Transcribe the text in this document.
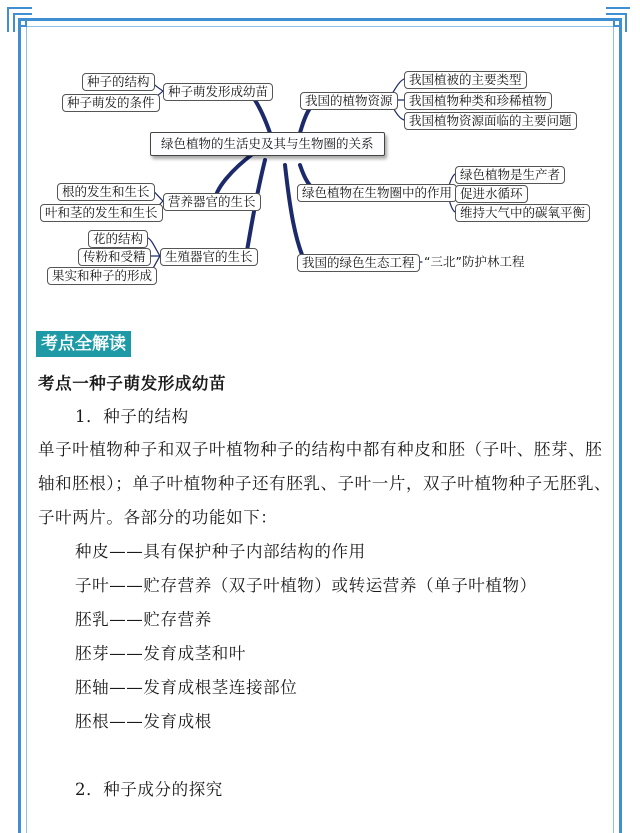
绿色植物的生活史及其与生物圈的关系
种子萌发形成幼苗
种子的结构
种子萌发的条件
营养器官的生长
根的发生和生长
叶和茎的发生和生长
生殖器官的生长
花的结构
传粉和受精
果实和种子的形成
我国的植物资源
我国植被的主要类型
我国植物种类和珍稀植物
我国植物资源面临的主要问题
绿色植物在生物圈中的作用
绿色植物是生产者
促进水循环
维持大气中的碳氧平衡
我国的绿色生态工程 “三北”防护林工程
考点全解读
考点一种子萌发形成幼苗
1．种子的结构
单子叶植物种子和双子叶植物种子的结构中都有种皮和胚（子叶、胚芽、胚
轴和胚根）；单子叶植物种子还有胚乳、子叶一片，双子叶植物种子无胚乳、
子叶两片。各部分的功能如下：
种皮——具有保护种子内部结构的作用
子叶——贮存营养（双子叶植物）或转运营养（单子叶植物）
胚乳——贮存营养
胚芽——发育成茎和叶
胚轴——发育成根茎连接部位
胚根——发育成根
2．种子成分的探究
